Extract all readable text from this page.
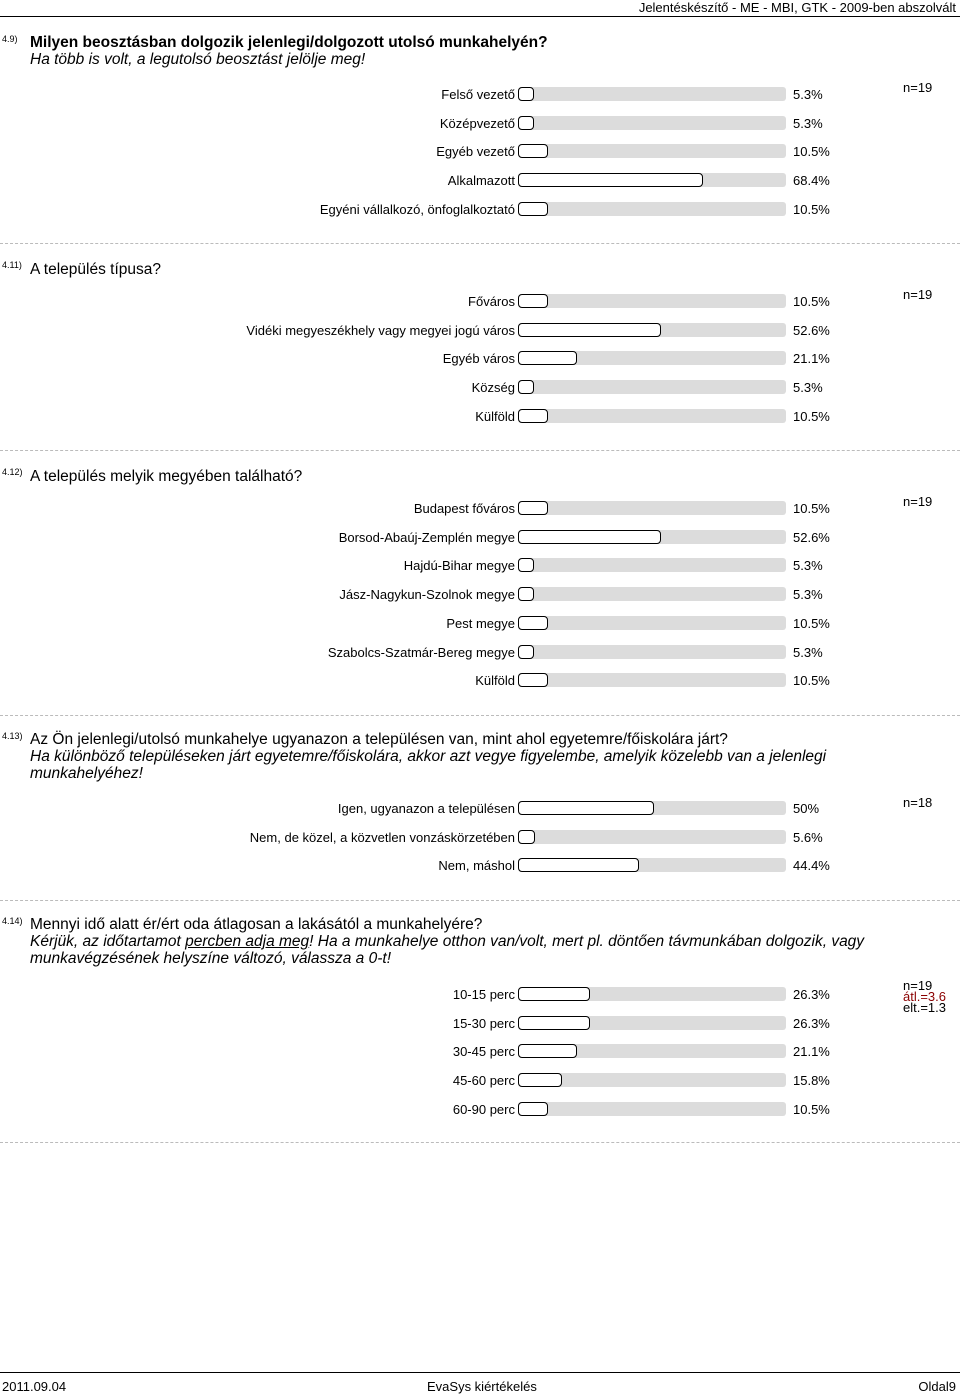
Jelentéskészítő - ME - MBI, GTK - 2009-ben abszolvált
4.9) Milyen beosztásban dolgozik jelenlegi/dolgozott utolsó munkahelyén?
Ha több is volt, a legutolsó beosztást jelölje meg!
4.11) A település típusa?
4.12) A település melyik megyében található?
4.13) Az Ön jelenlegi/utolsó munkahelye ugyanazon a településen van, mint ahol egyetemre/főiskolára járt?
Ha különböző településeken járt egyetemre/főiskolára, akkor azt vegye figyelembe, amelyik közelebb van a jelenlegi munkahelyéhez!
4.14) Mennyi idő alatt ér/ért oda átlagosan a lakásától a munkahelyére?
Kérjük, az időtartamot percben adja meg! Ha a munkahelye otthon van/volt, mert pl. döntően távmunkában dolgozik, vagy munkavégzésének helyszíne változó, válassza a 0-t!
Felső vezető	5.3%
Középvezető	5.3%
Egyéb vezető	10.5%
Alkalmazott	68.4%
Egyéni vállalkozó, önfoglalkoztató	10.5%
n=19
Főváros	10.5%
Vidéki megyeszékhely vagy megyei jogú város	52.6%
Egyéb város	21.1%
Község	5.3%
Külföld	10.5%
n=19
Budapest főváros	10.5%
Borsod-Abaúj-Zemplén megye	52.6%
Hajdú-Bihar megye	5.3%
Jász-Nagykun-Szolnok megye	5.3%
Pest megye	10.5%
Szabolcs-Szatmár-Bereg megye	5.3%
Külföld	10.5%
n=19
Igen, ugyanazon a településen	50%
Nem, de közel, a közvetlen vonzáskörzetében	5.6%
Nem, máshol	44.4%
n=18
10-15 perc	26.3%
15-30 perc	26.3%
30-45 perc	21.1%
45-60 perc	15.8%
60-90 perc	10.5%
n=19
átl.=3.6
elt.=1.3
2011.09.04	EvaSys kiértékelés	Oldal9
